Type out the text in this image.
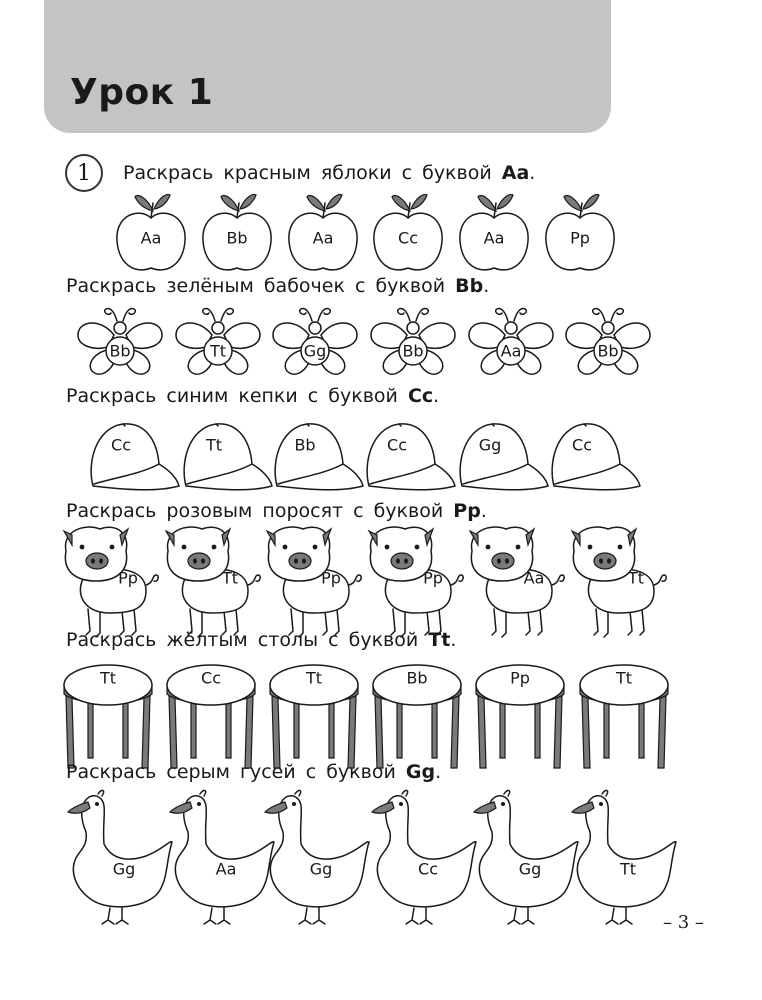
Урок 1
1	Раскрась красным яблоки с буквой Aa.
Aa	Bb	Aa	Cc	Aa	Pp
Раскрась зелёным бабочек с буквой Bb.
Bb	Tt	Gg	Bb	Aa	Bb
Раскрась синим кепки с буквой Cc.
Cc	Tt	Bb	Cc	Gg	Cc
Раскрась розовым поросят с буквой Pp.
Pp	Tt	Pp	Pp	Aa	Tt
Раскрась жёлтым столы с буквой Tt.
Tt	Cc	Tt	Bb	Pp	Tt
Раскрась серым гусей с буквой Gg.
Gg	Aa	Gg	Cc	Gg	Tt
– 3 –
